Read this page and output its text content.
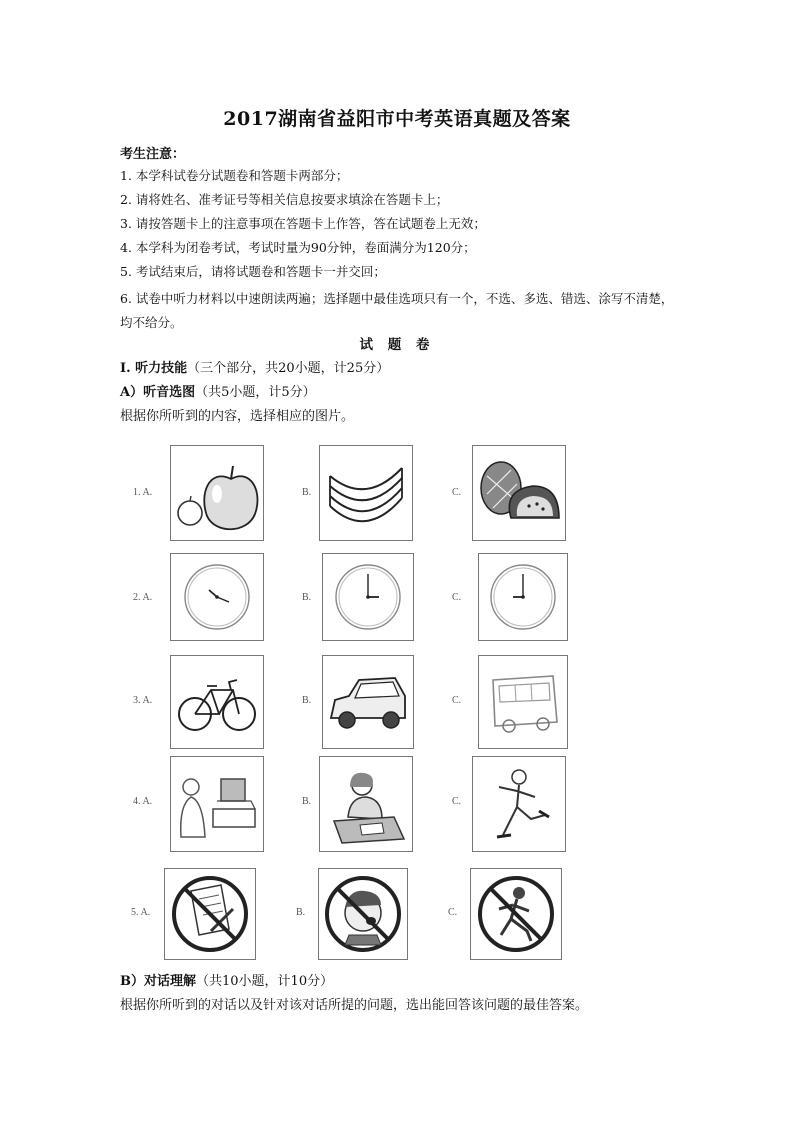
2017湖南省益阳市中考英语真题及答案
考生注意：
1. 本学科试卷分试题卷和答题卡两部分；
2. 请将姓名、准考证号等相关信息按要求填涂在答题卡上；
3. 请按答题卡上的注意事项在答题卡上作答，答在试题卷上无效；
4. 本学科为闭卷考试，考试时量为90分钟，卷面满分为120分；
5. 考试结束后，请将试题卷和答题卡一并交回；
6. 试卷中听力材料以中速朗读两遍；选择题中最佳选项只有一个，不选、多选、错选、涂写不清楚，均不给分。
试 题 卷
Ⅰ. 听力技能（三个部分，共20小题，计25分）
A）听音选图（共5小题，计5分）
根据你所听到的内容，选择相应的图片。
1. A.	B.	C.
2. A.	B.	C.
3. A.	B.	C.
4. A.	B.	C.
5. A.	B.	C.
B）对话理解（共10小题，计10分）
根据你所听到的对话以及针对该对话所提的问题，选出能回答该问题的最佳答案。
